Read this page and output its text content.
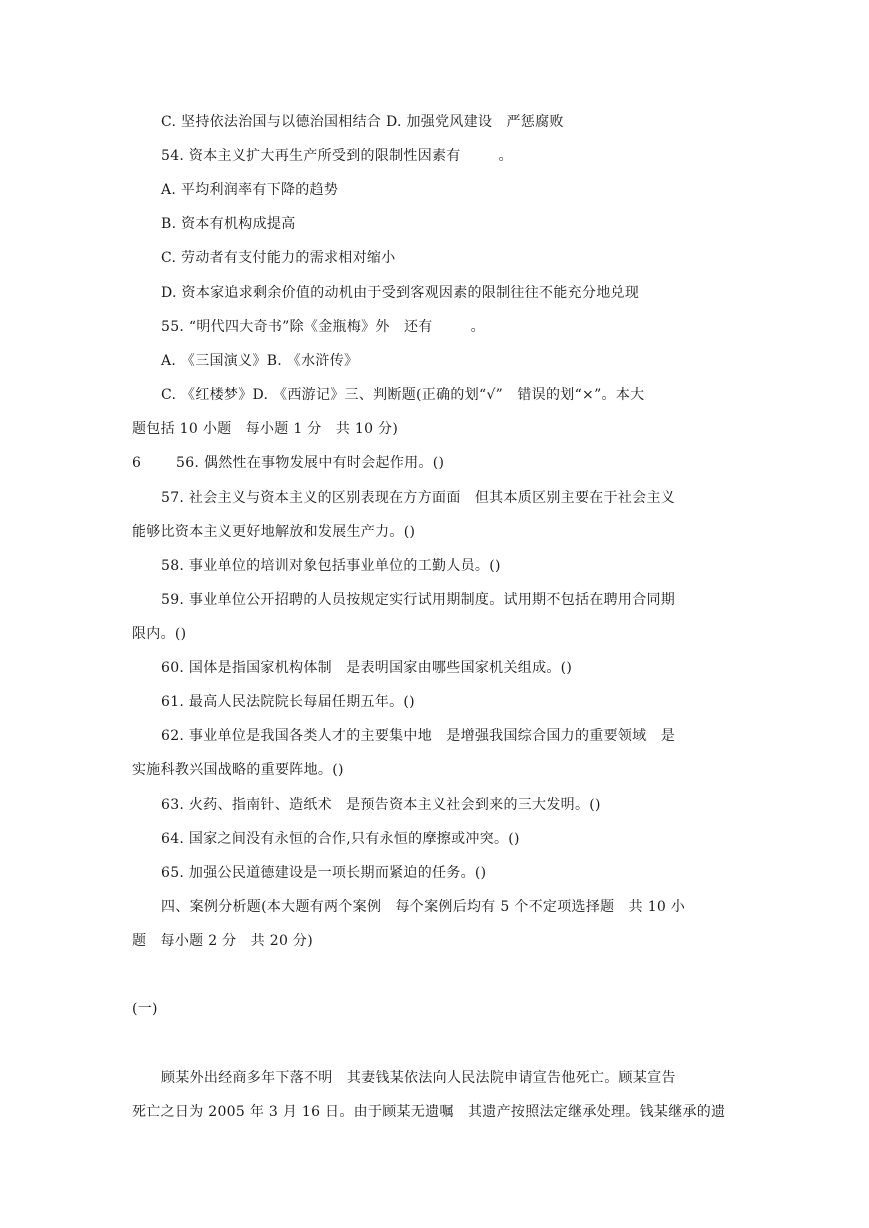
C. 坚持依法治国与以德治国相结合 D. 加强党风建设   严惩腐败
54. 资本主义扩大再生产所受到的限制性因素有        。
A. 平均利润率有下降的趋势
B. 资本有机构成提高
C. 劳动者有支付能力的需求相对缩小
D. 资本家追求剩余价值的动机由于受到客观因素的限制往往不能充分地兑现
55. “明代四大奇书”除《金瓶梅》外   还有        。
A. 《三国演义》B. 《水浒传》
C. 《红楼梦》D. 《西游记》三、判断题(正确的划“√”   错误的划“×”。本大
题包括 10 小题   每小题 1 分   共 10 分)
6 56. 偶然性在事物发展中有时会起作用。()
57. 社会主义与资本主义的区别表现在方方面面   但其本质区别主要在于社会主义
能够比资本主义更好地解放和发展生产力。()
58. 事业单位的培训对象包括事业单位的工勤人员。()
59. 事业单位公开招聘的人员按规定实行试用期制度。试用期不包括在聘用合同期
限内。()
60. 国体是指国家机构体制   是表明国家由哪些国家机关组成。()
61. 最高人民法院院长每届任期五年。()
62. 事业单位是我国各类人才的主要集中地   是增强我国综合国力的重要领域   是
实施科教兴国战略的重要阵地。()
63. 火药、指南针、造纸术   是预告资本主义社会到来的三大发明。()
64. 国家之间没有永恒的合作,只有永恒的摩擦或冲突。()
65. 加强公民道德建设是一项长期而紧迫的任务。()
四、案例分析题(本大题有两个案例   每个案例后均有 5 个不定项选择题   共 10 小
题   每小题 2 分   共 20 分)
(一)
顾某外出经商多年下落不明   其妻钱某依法向人民法院申请宣告他死亡。顾某宣告
死亡之日为 2005 年 3 月 16 日。由于顾某无遗嘱   其遗产按照法定继承处理。钱某继承的遗
